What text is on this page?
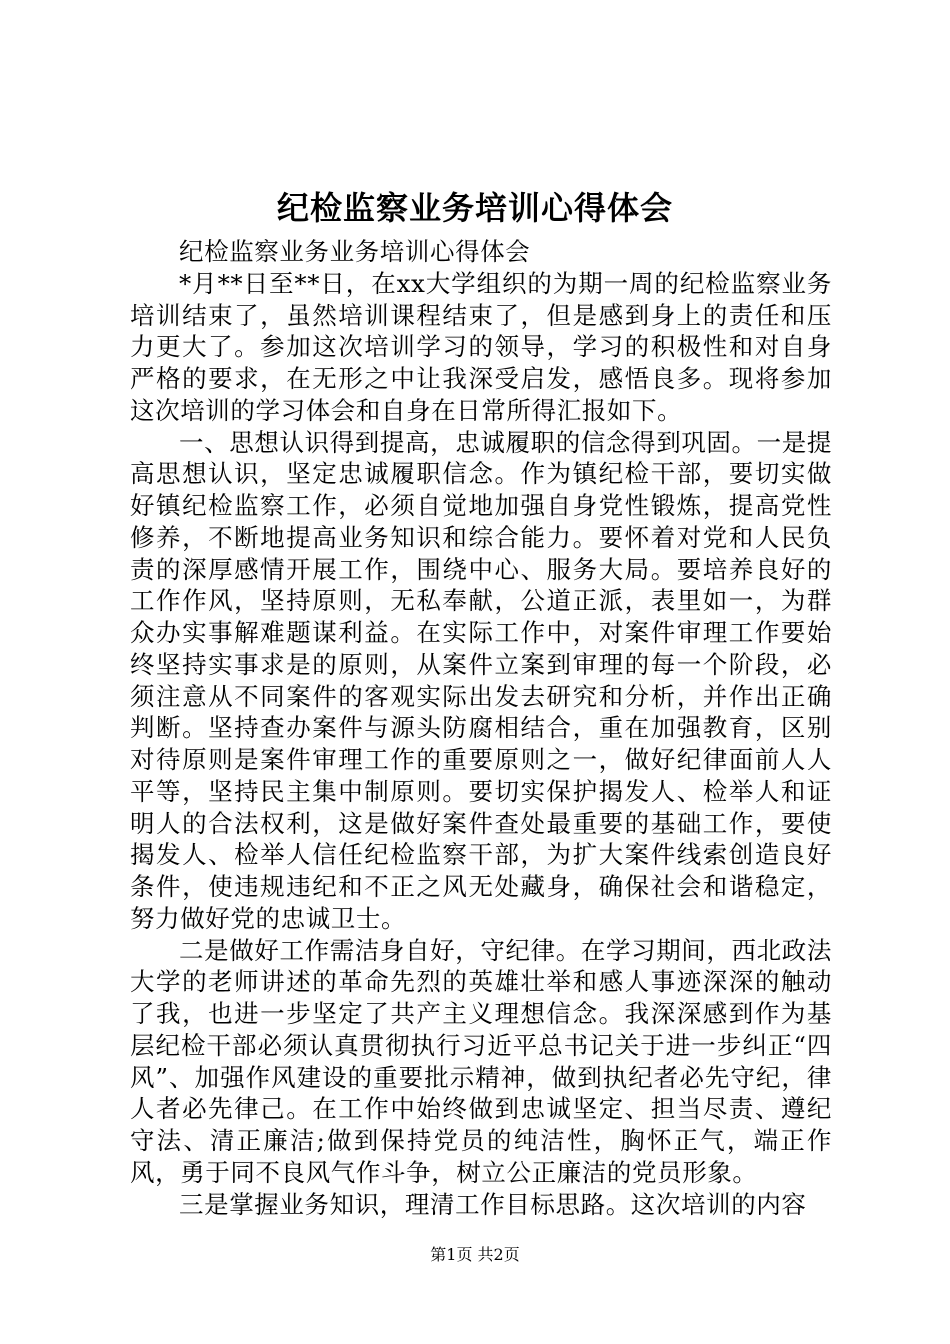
纪检监察业务培训心得体会

纪检监察业务业务培训心得体会

*月**日至**日，在xx大学组织的为期一周的纪检监察业务培训结束了，虽然培训课程结束了，但是感到身上的责任和压力更大了。参加这次培训学习的领导，学习的积极性和对自身严格的要求，在无形之中让我深受启发，感悟良多。现将参加这次培训的学习体会和自身在日常所得汇报如下。

一、思想认识得到提高，忠诚履职的信念得到巩固。一是提高思想认识，坚定忠诚履职信念。作为镇纪检干部，要切实做好镇纪检监察工作，必须自觉地加强自身党性锻炼，提高党性修养，不断地提高业务知识和综合能力。要怀着对党和人民负责的深厚感情开展工作，围绕中心、服务大局。要培养良好的工作作风，坚持原则，无私奉献，公道正派，表里如一，为群众办实事解难题谋利益。在实际工作中，对案件审理工作要始终坚持实事求是的原则，从案件立案到审理的每一个阶段，必须注意从不同案件的客观实际出发去研究和分析，并作出正确判断。坚持查办案件与源头防腐相结合，重在加强教育，区别对待原则是案件审理工作的重要原则之一，做好纪律面前人人平等，坚持民主集中制原则。要切实保护揭发人、检举人和证明人的合法权利，这是做好案件查处最重要的基础工作，要使揭发人、检举人信任纪检监察干部，为扩大案件线索创造良好条件，使违规违纪和不正之风无处藏身，确保社会和谐稳定，努力做好党的忠诚卫士。

二是做好工作需洁身自好，守纪律。在学习期间，西北政法大学的老师讲述的革命先烈的英雄壮举和感人事迹深深的触动了我，也进一步坚定了共产主义理想信念。我深深感到作为基层纪检干部必须认真贯彻执行习近平总书记关于进一步纠正“四风”、加强作风建设的重要批示精神，做到执纪者必先守纪，律人者必先律己。在工作中始终做到忠诚坚定、担当尽责、遵纪守法、清正廉洁;做到保持党员的纯洁性，胸怀正气，端正作风，勇于同不良风气作斗争，树立公正廉洁的党员形象。

三是掌握业务知识，理清工作目标思路。这次培训的内容

第1页 共2页
